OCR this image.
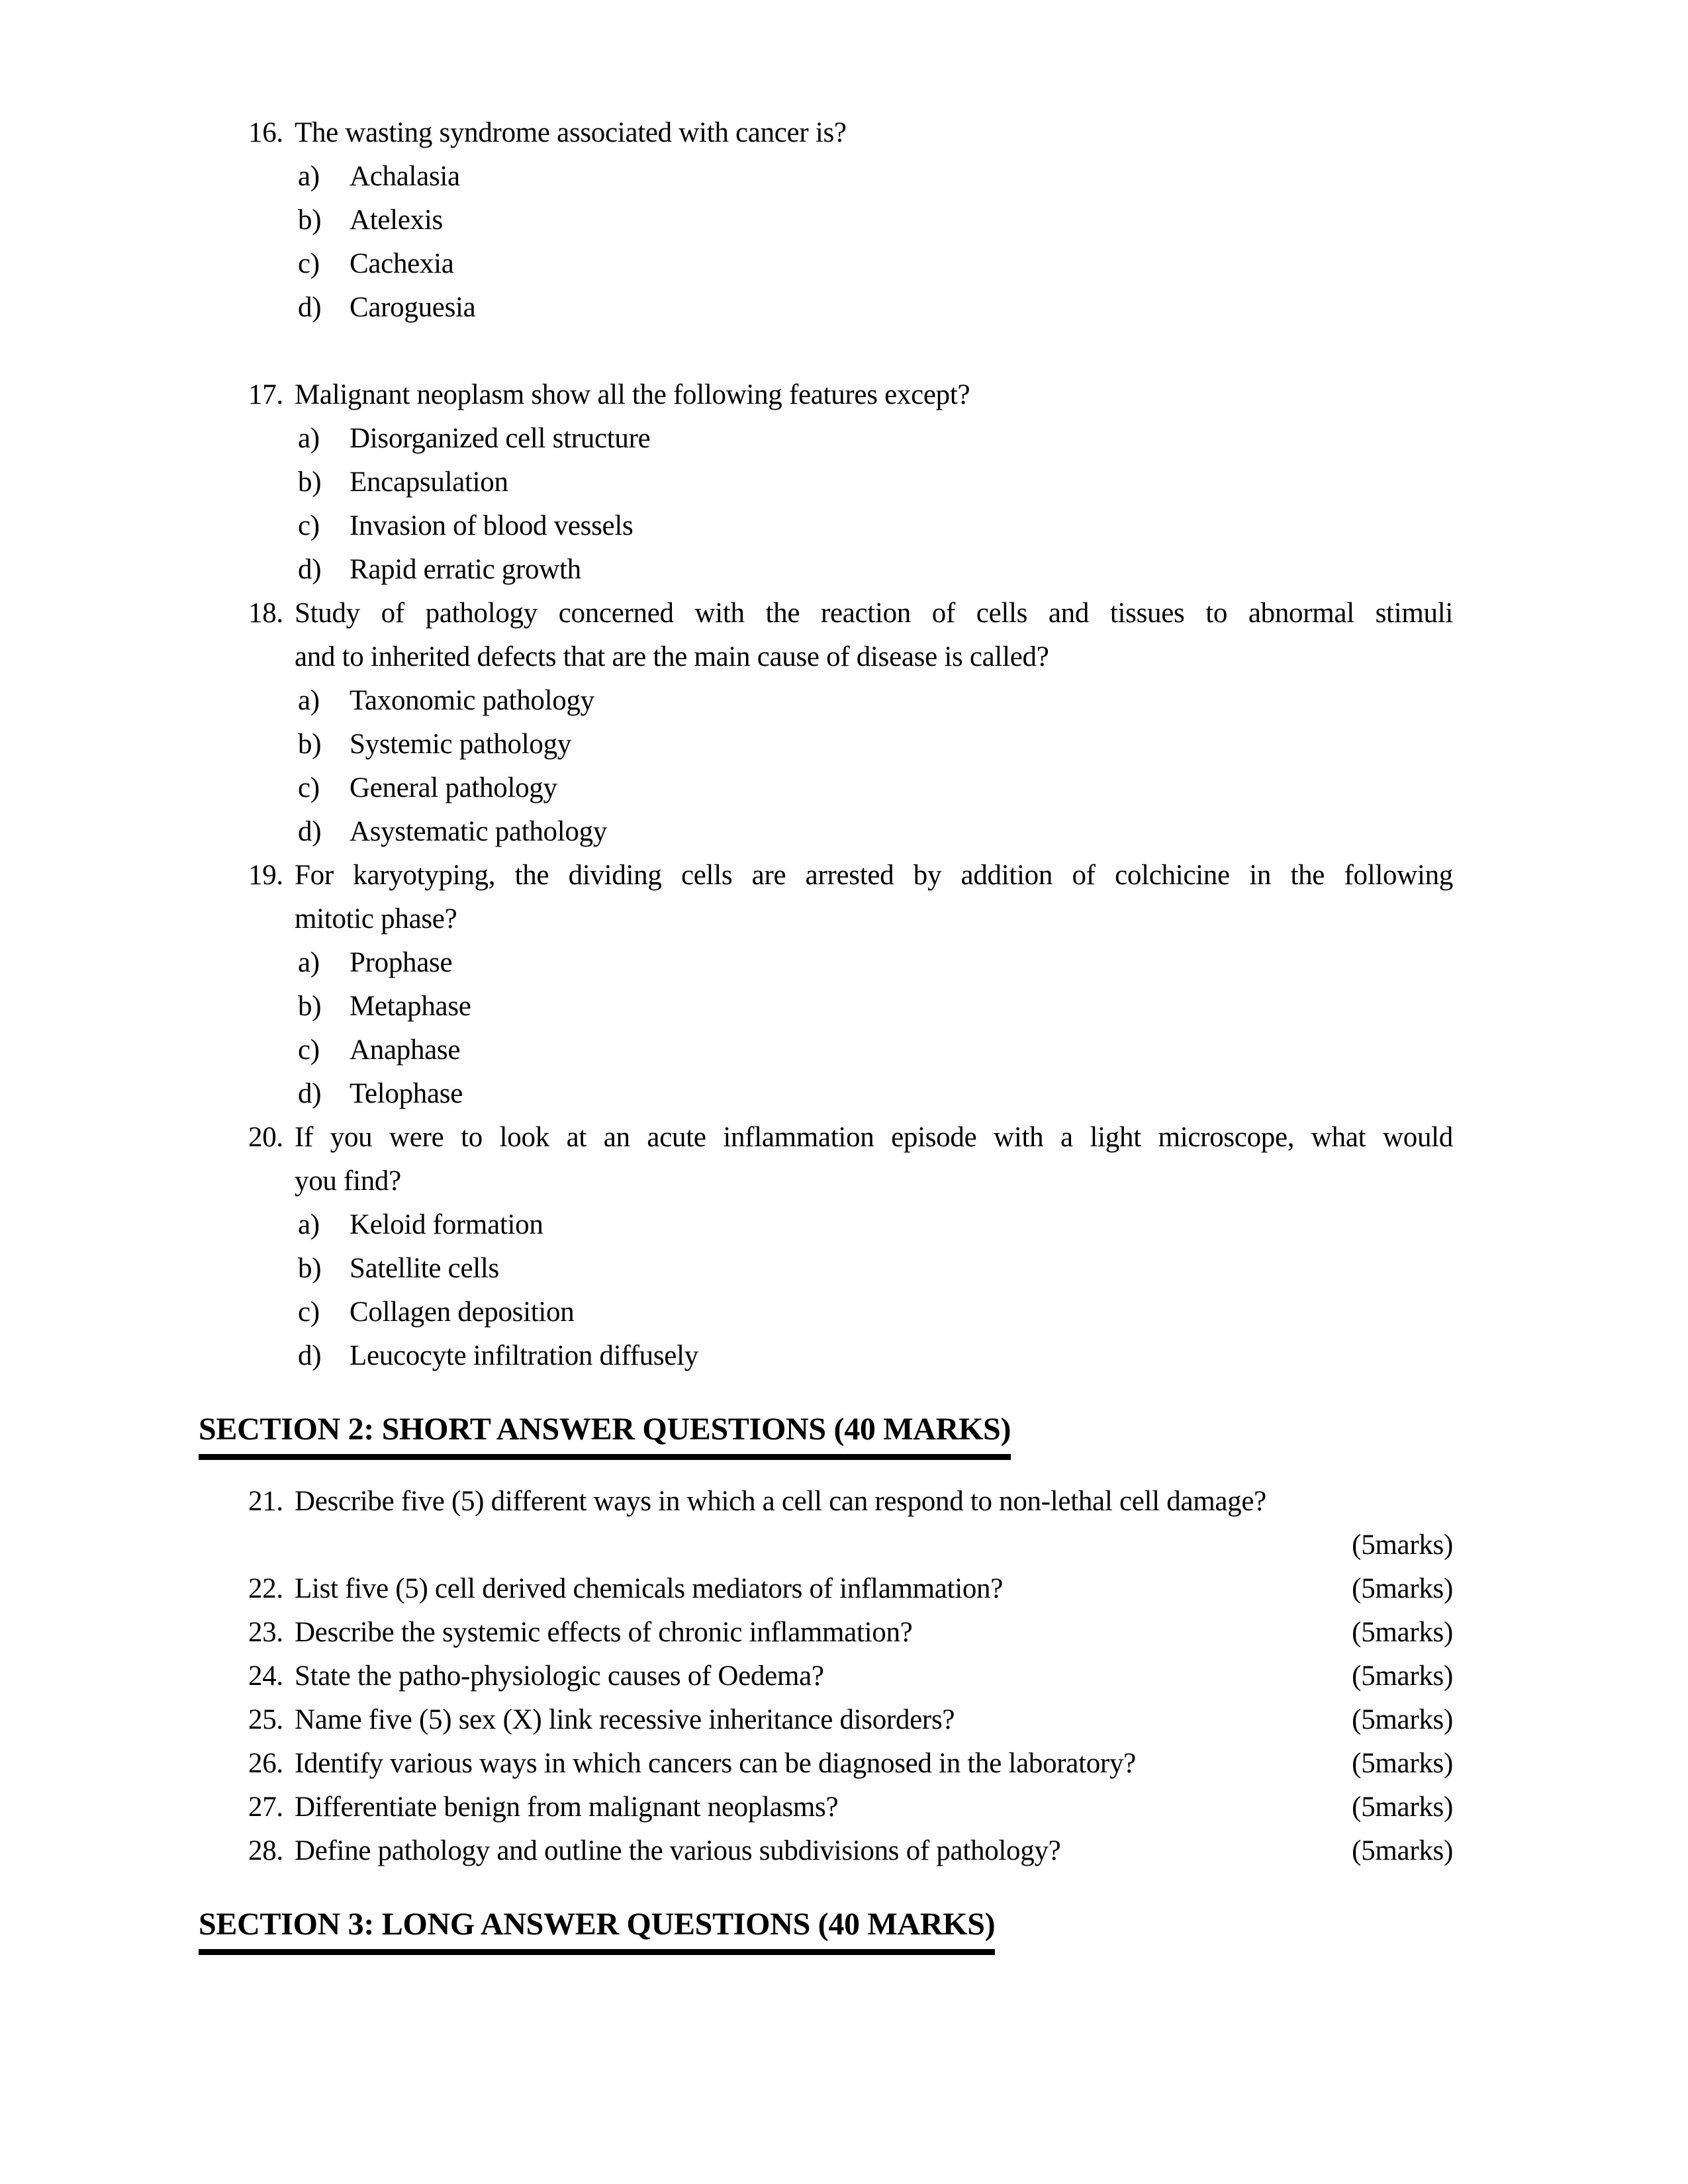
16. The wasting syndrome associated with cancer is?
a)	Achalasia
b) Atelexis
c)	Cachexia
d) Caroguesia
17. Malignant neoplasm show all the following features except?
a)	Disorganized cell structure
b) Encapsulation
c)	Invasion of blood vessels
d) Rapid erratic growth
18. Study of pathology concerned with the reaction of cells and tissues to abnormal stimuli
and to inherited defects that are the main cause of disease is called?
a)	Taxonomic pathology
b) Systemic pathology
c)	General pathology
d) Asystematic pathology
19. For karyotyping, the dividing cells are arrested by addition of colchicine in the following
mitotic phase?
a)	Prophase
b) Metaphase
c)	Anaphase
d) Telophase
20. If you were to look at an acute inflammation episode with a light microscope, what would
you find?
a)	Keloid formation
b) Satellite cells
c)	Collagen deposition
d) Leucocyte infiltration diffusely
SECTION 2: SHORT ANSWER QUESTIONS (40 MARKS)
21. Describe five (5) different ways in which a cell can respond to non-lethal cell damage?
(5marks)
22. List five (5) cell derived chemicals mediators of inflammation?	(5marks)
23. Describe the systemic effects of chronic inflammation?	(5marks)
24. State the patho-physiologic causes of Oedema?	(5marks)
25. Name five (5) sex (X) link recessive inheritance disorders?	(5marks)
26. Identify various ways in which cancers can be diagnosed in the laboratory?	(5marks)
27. Differentiate benign from malignant neoplasms?	(5marks)
28. Define pathology and outline the various subdivisions of pathology?	(5marks)
SECTION 3: LONG ANSWER QUESTIONS (40 MARKS)
